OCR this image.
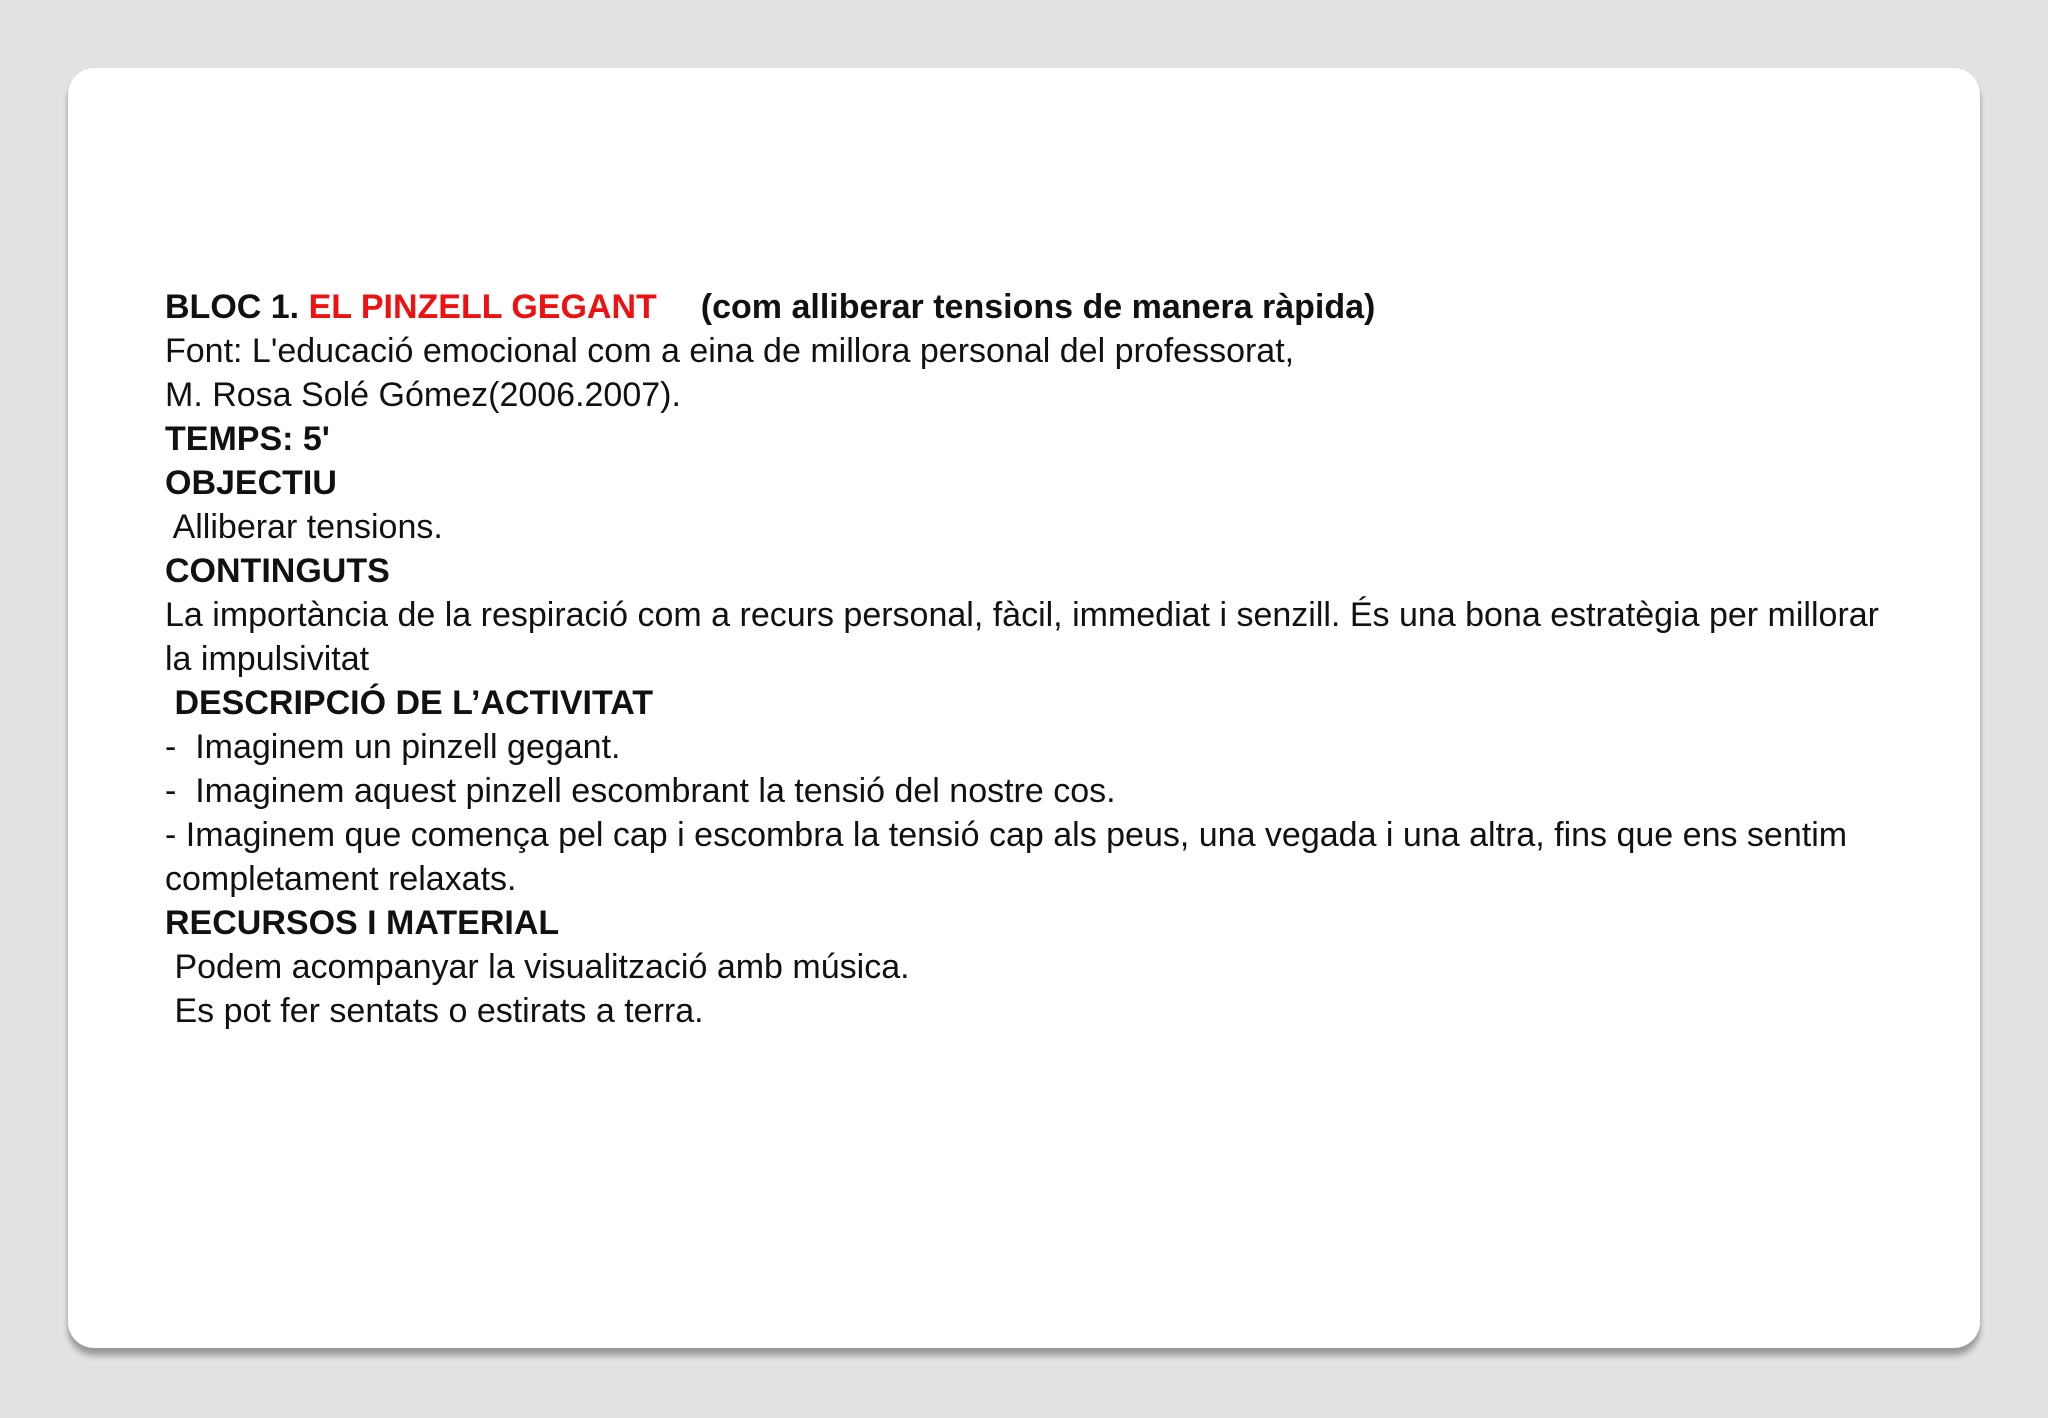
BLOC 1. EL PINZELL GEGANT (com alliberar tensions de manera ràpida)
Font: L'educació emocional com a eina de millora personal del professorat,
M. Rosa Solé Gómez(2006.2007).
TEMPS: 5'
OBJECTIU
Alliberar tensions.
CONTINGUTS
La importància de la respiració com a recurs personal, fàcil, immediat i senzill. És una bona estratègia per millorar la impulsivitat
DESCRIPCIÓ DE L’ACTIVITAT
-  Imaginem un pinzell gegant.
-  Imaginem aquest pinzell escombrant la tensió del nostre cos.
- Imaginem que comença pel cap i escombra la tensió cap als peus, una vegada i una altra, fins que ens sentim completament relaxats.
RECURSOS I MATERIAL
Podem acompanyar la visualització amb música.
Es pot fer sentats o estirats a terra.
